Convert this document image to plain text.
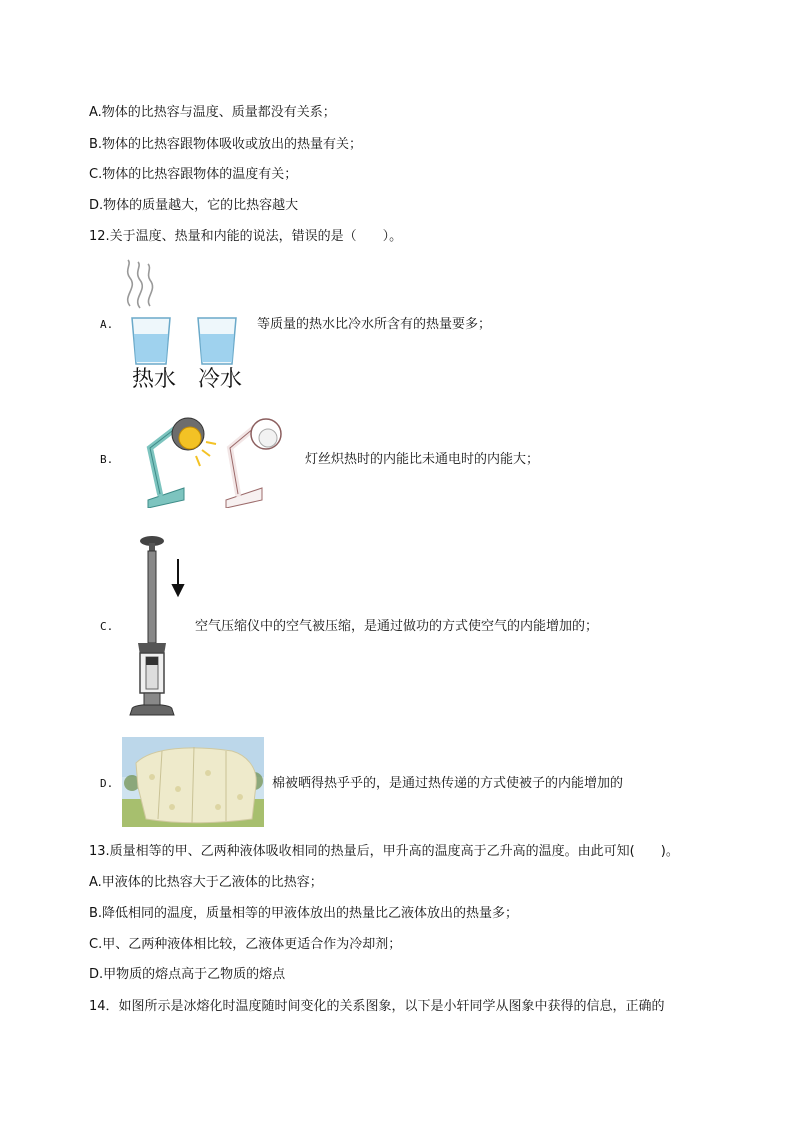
A.物体的比热容与温度、质量都没有关系；
B.物体的比热容跟物体吸收或放出的热量有关；
C.物体的比热容跟物体的温度有关；
D.物体的质量越大，它的比热容越大
12.关于温度、热量和内能的说法，错误的是（　　）。
A.
热水 冷水
等质量的热水比冷水所含有的热量要多；
B.	灯丝炽热时的内能比未通电时的内能大；
C.	空气压缩仪中的空气被压缩，是通过做功的方式使空气的内能增加的；
D.	棉被晒得热乎乎的，是通过热传递的方式使被子的内能增加的
13.质量相等的甲、乙两种液体吸收相同的热量后，甲升高的温度高于乙升高的温度。由此可知(　　)。
A.甲液体的比热容大于乙液体的比热容；
B.降低相同的温度，质量相等的甲液体放出的热量比乙液体放出的热量多；
C.甲、乙两种液体相比较，乙液体更适合作为冷却剂；
D.甲物质的熔点高于乙物质的熔点
14．如图所示是冰熔化时温度随时间变化的关系图象，以下是小轩同学从图象中获得的信息，正确的
